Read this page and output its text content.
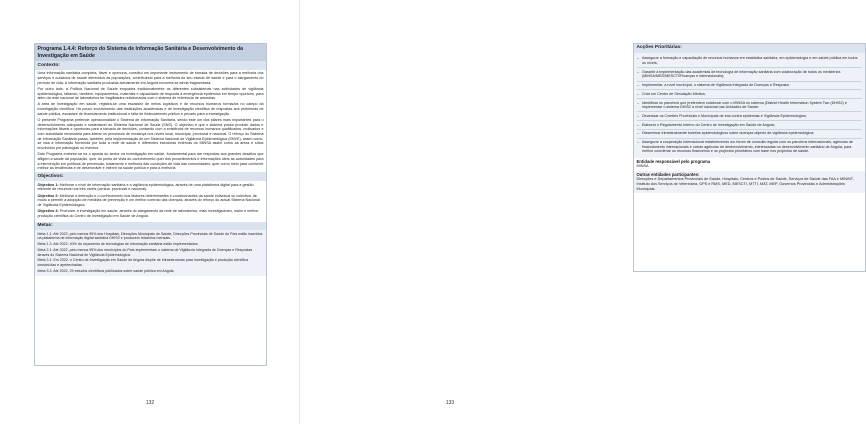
Programa 1.4.4: Reforço do Sistema de Informação Sanitária e Desenvolvimento da Investigação em Saúde
Contexto:

Uma informação sanitária completa, fiável e oportuna, constitui um importante instrumento de tomada de decisões para a melhoria dos serviços e cuidados de saúde oferecidos às populações, contribuindo para a melhoria do seu estado de saúde e para o alargamento do período de vida. A informação sanitária produzida actualmente em Angola encontra-se ainda fragmentada.

Por outro lado, a Política Nacional de Saúde enquadra tradicionalmente os diferentes subsistemas nas actividades de vigilância epidemiológica, faltando, também, equipamentos, materiais e capacidade de resposta à emergência epidémica em tempo oportuno, para além da rede nacional de laboratórios ter fragilidades relacionadas com o sistema de referência de amostras.

A área de investigação em saúde, registra-se uma escassez de meios logísticos e de recursos humanos formados no campo da investigação científica. Há pouco envolvimento das instituições académicas e de investigação científica de respostas aos problemas de saúde pública, escassez de financiamento institucional e falta de financiamento público e privado para a investigação.

O presente Programa pretende operacionalizar o Sistema de Informação Sanitária, sendo este um dos pilares mais importantes para o desenvolvimento adequado e sustentável do Sistema Nacional de Saúde (SNS). O objectivo é que o sistema possa produzir dados e informações fiáveis e oportunas para a tomada de decisões, contando com a existência de recursos humanos qualificados, motivados e com autoridade necessária para liderar os processos de mudança nos níveis local, municipal, provincial e nacional. O reforço do Sistema de Informação Sanitária passa, também, pela implementação de um Sistema Nacional de Vigilância Epidemiológica (SNVE), assim como, se visa a informação fornecida por toda a rede de saúde e diferentes estruturas externas do MINSA assim como as áreas e sítios envolvidos por patologias ou eventos.

Este Programa embebe-se na o aposta do sector na investigação em saúde, fundamental para dar respostas aos grandes desafios que afligem a saúde da população, quer do ponto de vista do conhecimento quer dos procedimentos e informações úteis às autoridades para a intervenção em políticas de prevenção, tratamento e melhoria das condições de vida das comunidades, quer como meio para conhecer melhor as tendências e de desenvolver e intervir na saúde pública e para a melhoria.

Objectivos:

Objectivo 1: Melhorar o nível de informação sanitária e a vigilância epidemiológica, através de uma plataforma digital para a gestão eficiente de recursos nos três níveis (central, provincial e nacional).

Objectivo 2: Melhorar a detecção e o conhecimento dos factores determinantes e condicionantes da saúde individual ou colectiva, de modo a permitir a adopção de medidas de prevenção e um melhor controlo das doenças, através do reforço do actual Sistema Nacional de Vigilância Epidemiológica.

Objectivo 3: Promover a investigação em saúde, através do alargamento da rede de laboratórios, mais investigadores, maior e melhor produção científica do Centro de Investigação em Saúde de Angola.

Metas:

Meta 1.1: Até 2022, pelo menos 95% dos Hospitais, Direcções Municipais de Saúde, Direcções Provinciais de Saúde do País estão inseridos na plataforma de informação digital sanitária DHIS2 e produzem relatórios mensais.

Meta 1.2: Até 2022, 40% do orçamento de tecnologias de informação sanitária estão implementados.

Meta 2.1: Até 2022, pelo menos 95% dos municípios do País implementam o sistema de Vigilância Integrada de Doenças e Respostas através do Sistema Nacional de Vigilância Epidemiológica.

Meta 3.1: Em 2022, o Centro de Investigação em Saúde de Angola dispõe de infraestruturas para investigação e produção científica construídas e apetrechadas.

Meta 3.2: Até 2022, 29 estudos científicos publicados sobre saúde pública em Angola.

Acções Prioritárias:
– Assegurar a formação e capacitação de recursos humanos em estatística sanitária, em epidemiologia e em saúde pública em todos os níveis;
– Garantir a implementação das academias de tecnologia de informação sanitária com colaboração de todos os ministérios (MINSA/MED/MESCTI/Finanças e internacionais);
– Implementar, a nível municipal, o sistema de Vigilância Integrada de Doenças e Resposta;
– Criar um Centro de Simulação Médica;
– Identificar os parceiros que pretendem colaborar com o MINSA no sistema (District Health Information System Two (DHIS2) e implementar o sistema DHIS2 a nível nacional nas Unidades de Saúde;
– Dinamizar os Comités Provinciais e Municipais de luta contra epidemias e Vigilância Epidemiológica;
– Elaborar o Regulamento Interno do Centro de Investigação em Saúde de Angola;
– Disseminar trimestralmente boletins epidemiológicos sobre doenças objecto de vigilância epidemiológica;
– Assegurar a cooperação internacional estabelecendo um fórum de consulta regular com os parceiros internacionais, agências de financiamento internacionais e outras agências de desenvolvimento, interessadas no desenvolvimento sanitário de Angola, para melhor coordenar os recursos financeiros e os projectos prioritários com base nos projectos de saúde.
Entidade responsável pelo programa
MINSA
Outras entidades participantes:
Direcções e Departamentos Provinciais de Saúde, Hospitais, Centros e Postos de Saúde, Serviços de Saúde das FAA e MININT, Instituto dos Serviços de Veterinária, GPS e RMS, MED, MESCTI, MTTI, MAT, MEP, Governos Provinciais e Administrações Municipais.
132	133
